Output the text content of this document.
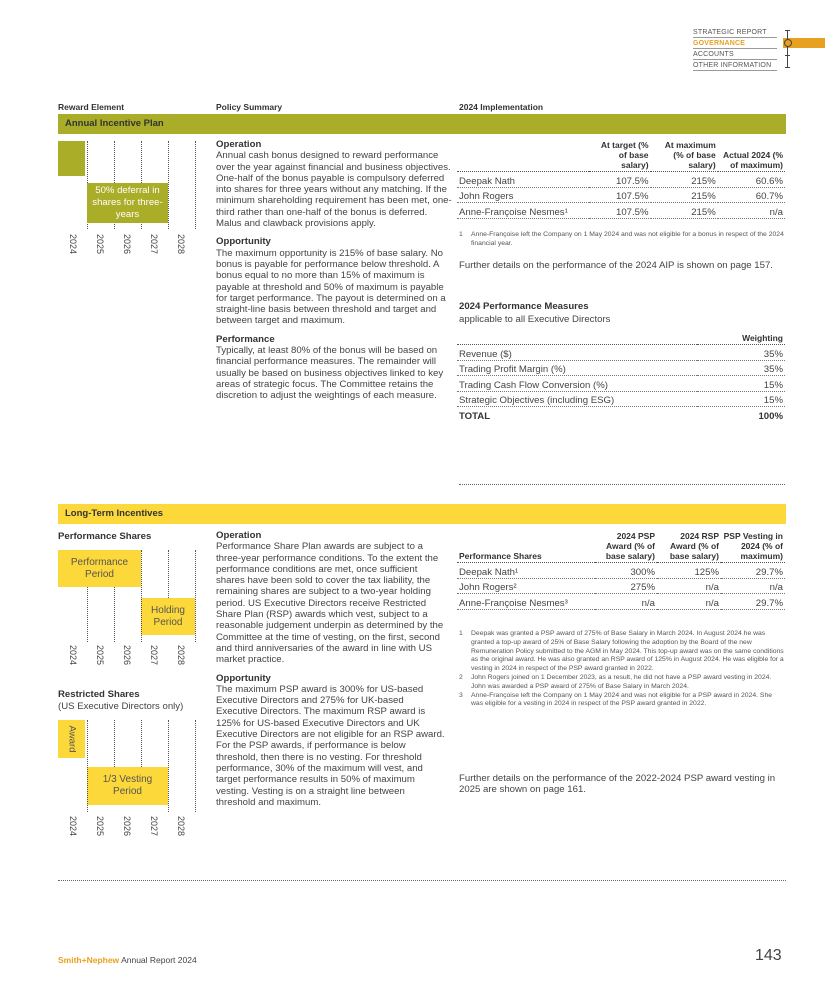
STRATEGIC REPORT
GOVERNANCE
ACCOUNTS
OTHER INFORMATION
Reward Element	Policy Summary	2024 Implementation
Annual Incentive Plan
50% deferral in shares for three-years
2024 2025 2026 2027 2028
Operation

Annual cash bonus designed to reward performance over the year against financial and business objectives. One-half of the bonus payable is compulsory deferred into shares for three years without any matching. If the minimum shareholding requirement has been met, one-third rather than one-half of the bonus is deferred. Malus and clawback provisions apply.

Opportunity

The maximum opportunity is 215% of base salary. No bonus is payable for performance below threshold. A bonus equal to no more than 15% of maximum is payable at threshold and 50% of maximum is payable for target performance. The payout is determined on a straight-line basis between threshold and target and between target and maximum.

Performance

Typically, at least 80% of the bonus will be based on financial performance measures. The remainder will usually be based on business objectives linked to key areas of strategic focus. The Committee retains the discretion to adjust the weightings of each measure.

	At target (% of base salary)	At maximum (% of base salary)	Actual 2024 (% of maximum)
Deepak Nath	107.5%	215%	60.6%
John Rogers	107.5%	215%	60.7%
Anne-Françoise Nesmes¹	107.5%	215%	n/a
1	Anne-Françoise left the Company on 1 May 2024 and was not eligible for a bonus in respect of the 2024 financial year.
Further details on the performance of the 2024 AIP is shown on page 157.
2024 Performance Measures
applicable to all Executive Directors
	Weighting
Revenue ($)	35%
Trading Profit Margin (%)	35%
Trading Cash Flow Conversion (%)	15%
Strategic Objectives (including ESG)	15%
TOTAL	100%
Long-Term Incentives
Performance Shares
Performance Period
Holding Period
2024 2025 2026 2027 2028
Restricted Shares
(US Executive Directors only)
Award
1/3 Vesting Period
2024 2025 2026 2027 2028
Operation

Performance Share Plan awards are subject to a three-year performance conditions. To the extent the performance conditions are met, once sufficient shares have been sold to cover the tax liability, the remaining shares are subject to a two-year holding period. US Executive Directors receive Restricted Share Plan (RSP) awards which vest, subject to a reasonable judgement underpin as determined by the Committee at the time of vesting, on the first, second and third anniversaries of the award in line with US market practice.

Opportunity

The maximum PSP award is 300% for US-based Executive Directors and 275% for UK-based Executive Directors. The maximum RSP award is 125% for US-based Executive Directors and UK Executive Directors are not eligible for an RSP award. For the PSP awards, if performance is below threshold, then there is no vesting. For threshold performance, 30% of the maximum will vest, and target performance results in 50% of maximum vesting. Vesting is on a straight line between threshold and maximum.

Performance Shares	2024 PSP Award (% of base salary)	2024 RSP Award (% of base salary)	PSP Vesting in 2024 (% of maximum)
Deepak Nath¹	300%	125%	29.7%
John Rogers²	275%	n/a	n/a
Anne-Françoise Nesmes³	n/a	n/a	29.7%
1	Deepak was granted a PSP award of 275% of Base Salary in March 2024. In August 2024 he was granted a top-up award of 25% of Base Salary following the adoption by the Board of the new Remuneration Policy submitted to the AGM in May 2024. This top-up award was on the same conditions as the original award. He was also granted an RSP award of 125% in August 2024. He was eligible for a vesting in 2024 in respect of the PSP award granted in 2022.
2	John Rogers joined on 1 December 2023, as a result, he did not have a PSP award vesting in 2024. John was awarded a PSP award of 275% of Base Salary in March 2024.
3	Anne-Françoise left the Company on 1 May 2024 and was not eligible for a PSP award in 2024. She was eligible for a vesting in 2024 in respect of the PSP award granted in 2022.
Further details on the performance of the 2022-2024 PSP award vesting in 2025 are shown on page 161.
Smith+Nephew Annual Report 2024	143
